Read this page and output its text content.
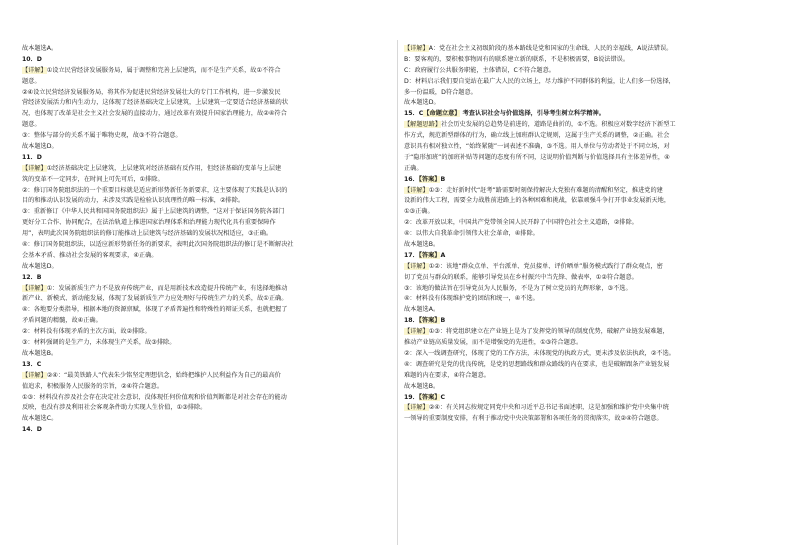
故本题选A。
10．D
【详解】①设立民营经济发展服务局，属于调整和完善上层建筑，而不是生产关系，故①不符合
题意。
②④设立民营经济发展服务局，将其作为促进民营经济发展壮大的专门工作机构，进一步激发民
营经济发展活力和内生动力，这体现了经济基础决定上层建筑，上层建筑一定要适合经济基础的状
况，也体现了改革是社会主义社会发展的直接动力，通过改革有效提升国家治理能力，故②④符合
题意。
③：整体与部分的关系不属于唯物史观，故③不符合题意。
故本题选D。
11．D
【详解】①经济基础决定上层建筑，上层建筑对经济基础有反作用，但经济基础的变革与上层建
筑的变革不一定同步，在时间上可先可后，①排除。
②：修订国务院组织法的一个重要目标就是适应新形势新任务新要求，这主要体现了实践是认识的
目的和推动认识发展的动力，未涉及实践是检验认识真理性的唯一标准，②排除。
③：重新修订《中华人民共和国国务院组织法》属于上层建筑的调整，“这对于保证国务院各部门
更好分工合作、协同配合，在法治轨道上推进国家治理体系和治理能力现代化具有重要保障作
用”，表明此次国务院组织法的修订能推动上层建筑与经济基础的发展状况相适应，③正确。
④：修订国务院组织法，以适应新形势新任务的新要求，表明此次国务院组织法的修订是不断解决社
会基本矛盾、推动社会发展的客观要求，④正确。
故本题选D。
12．B
【详解】①：发展新质生产力不是放弃传统产业，而是用新技术改造提升传统产业，有选择地推动
新产业、新模式、新动能发展，体现了发展新质生产力应处理好与传统生产力的关系，故①正确。
④：各地要分类指导，根据本地的资源禀赋，体现了矛盾普遍性和特殊性的辩证关系，也就把握了
矛盾问题的精髓，故④正确。
②：材料没有体现矛盾的主次方面，故②排除。
③：材料强调的是生产力，未体现生产关系，故③排除。
故本题选B。
13．C
【详解】②④：“最美铁路人”代表朱少铭坚定理想信念，始终把维护人民利益作为自己的最高价
值追求，积极服务人民服务的宗旨，②④符合题意。
①③：材料没有涉及社会存在决定社会意识，没体现任何价值观和价值判断都是对社会存在的能动
反映，也没有涉及利用社会客观条件助力实现人生价值，①③排除。
故本题选C。
14．D
【详解】A：党在社会主义初级阶段的基本路线是党和国家的生命线、人民的幸福线，A说法错误。
B：要客观的，要积极事物固有的联系建立新的联系，不是积极需要，B说法错误。
C：政府履行公共服务职能，主体错误，C不符合题意。
D：材料启示我们要自觉站在最广大人民的立场上，尽力维护不同群体的利益，让人们多一份选择，
多一份温暖，D符合题意。
故本题选D。
15．C【命题立意】 考查认识社会与价值选择，引导考生树立科学精神。
【解题思路】社会历史发展的总趋势是前进的，道路是曲折的，①不选。积极应对数字经济下新型工
作方式，规范新型群体的行为，确立线上加班群认定规则，这属于生产关系的调整，②正确。社会
意识具有相对独立性，“始终紧随”一词表述不准确，③不选。用人单位与劳动者处于不同立场，对
于“隐形加班”的加班补贴等问题的态度有所不同，这说明价值判断与价值选择具有主体差异性，④
正确。
16．【答案】B
【详解】①③：走好新时代“赶考”路需要时刻保持解决大党独有难题的清醒和坚定，推进党的建
设新的伟大工程，需要全力战胜前进路上的各种困难和挑战，依靠顽强斗争打开事业发展新天地，
①③正确。
②：改革开放以来，中国共产党带领全国人民开辟了中国特色社会主义道路，②排除。
④：以伟大自我革命引领伟大社会革命，④排除。
故本题选B。
17．【答案】A
【详解】①②：该地“群众点单、平台派单、党员接单、评价晒单”服务模式践行了群众观点，密
切了党员与群众的联系，能够引导党员在乡村振兴中当先锋、做表率，①②符合题意。
③：该地的做法旨在引导党员为人民服务，不是为了树立党员的光辉形象，③不选。
④：材料没有体现维护党的团结和统一，④不选。
故本题选A。
18．【答案】B
【详解】①③：将党组织建立在产业链上是为了发挥党的领导的制度优势，破解产业链发展难题，
推动产业链高质量发展，而不是增强党的先进性，①③符合题意。
②：深入一线调查研究，体现了党的工作方法，未体现党的执政方式，更未涉及依法执政，②不选。
④：调查研究是党的优良传统，是党的思想路线和群众路线的内在要求，也是破解跟条产业链发展
难题的内在要求，④符合题意。
故本题选B。
19．【答案】C
【详解】②④：有关同志按规定同党中央和习近平总书记书面述职，这是加强和维护党中央集中统
一领导的重要制度安排，有利于推动党中央决策部署和各项任务的贯彻落实，故②④符合题意。
